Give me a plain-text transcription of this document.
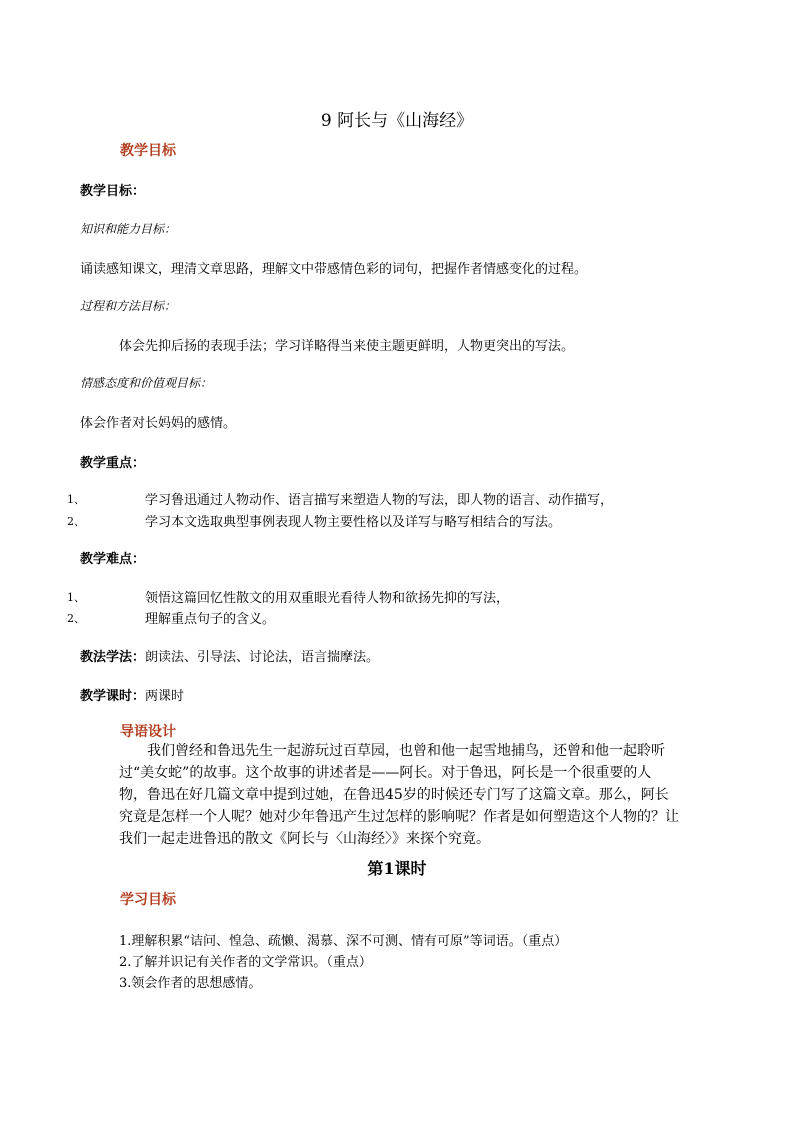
9 阿长与《山海经》
教学目标
教学目标：
知识和能力目标：
诵读感知课文，理清文章思路，理解文中带感情色彩的词句，把握作者情感变化的过程。
过程和方法目标：
体会先抑后扬的表现手法；学习详略得当来使主题更鲜明，人物更突出的写法。
情感态度和价值观目标：
体会作者对长妈妈的感情。
教学重点：
1、	学习鲁迅通过人物动作、语言描写来塑造人物的写法，即人物的语言、动作描写，
2、	学习本文选取典型事例表现人物主要性格以及详写与略写相结合的写法。
教学难点：
1、	领悟这篇回忆性散文的用双重眼光看待人物和欲扬先抑的写法，
2、	理解重点句子的含义。
教法学法：朗读法、引导法、讨论法，语言揣摩法。
教学课时：两课时
导语设计
我们曾经和鲁迅先生一起游玩过百草园，也曾和他一起雪地捕鸟，还曾和他一起聆听过“美女蛇”的故事。这个故事的讲述者是——阿长。对于鲁迅，阿长是一个很重要的人物，鲁迅在好几篇文章中提到过她，在鲁迅45岁的时候还专门写了这篇文章。那么，阿长究竟是怎样一个人呢？她对少年鲁迅产生过怎样的影响呢？作者是如何塑造这个人物的？让我们一起走进鲁迅的散文《阿长与〈山海经〉》来探个究竟。
第1课时
学习目标
1.理解积累“诘问、惶急、疏懒、渴慕、深不可测、情有可原”等词语。（重点）
2.了解并识记有关作者的文学常识。（重点）
3.领会作者的思想感情。
